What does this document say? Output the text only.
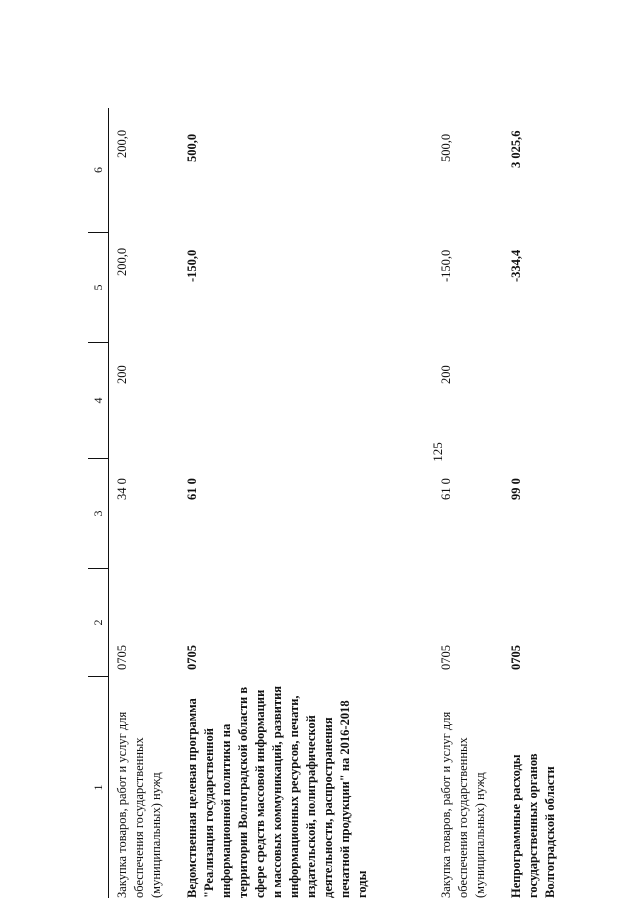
125
1
2
3
4
5
6
Закупка товаров, работ и услуг для обеспечения государственных (муниципальных) нужд
0705
34 0
200
200,0
200,0
Ведомственная целевая программа "Реализация государственной информационной политики на территории Волгоградской области в сфере средств массовой информации и массовых коммуникаций, развития информационных ресурсов, печати, издательской, полиграфической деятельности, распространения печатной продукции" на 2016-2018 годы
0705
61 0
-150,0
500,0
Закупка товаров, работ и услуг для обеспечения государственных (муниципальных) нужд
0705
61 0
200
-150,0
500,0
Непрограммные расходы государственных органов Волгоградской области
0705
99 0
-334,4
3 025,6
